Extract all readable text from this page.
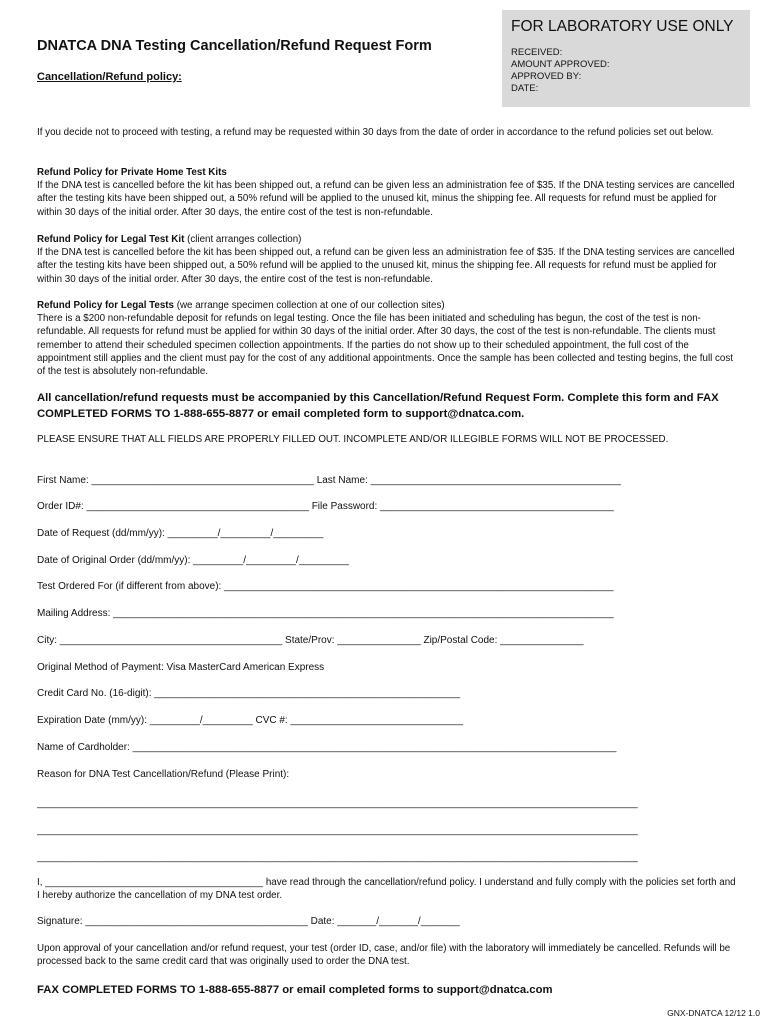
FOR LABORATORY USE ONLY
RECEIVED:
AMOUNT APPROVED:
APPROVED BY:
DATE:
DNATCA DNA Testing Cancellation/Refund Request Form
Cancellation/Refund policy:
If you decide not to proceed with testing, a refund may be requested within 30 days from the date of order in accordance to the refund policies set out below.
Refund Policy for Private Home Test Kits
If the DNA test is cancelled before the kit has been shipped out, a refund can be given less an administration fee of $35. If the DNA testing services are cancelled after the testing kits have been shipped out, a 50% refund will be applied to the unused kit, minus the shipping fee. All requests for refund must be applied for within 30 days of the initial order. After 30 days, the entire cost of the test is non-refundable.
Refund Policy for Legal Test Kit (client arranges collection)
If the DNA test is cancelled before the kit has been shipped out, a refund can be given less an administration fee of $35. If the DNA testing services are cancelled after the testing kits have been shipped out, a 50% refund will be applied to the unused kit, minus the shipping fee. All requests for refund must be applied for within 30 days of the initial order. After 30 days, the entire cost of the test is non-refundable.
Refund Policy for Legal Tests (we arrange specimen collection at one of our collection sites)
There is a $200 non-refundable deposit for refunds on legal testing. Once the file has been initiated and scheduling has begun, the cost of the test is non-refundable. All requests for refund must be applied for within 30 days of the initial order. After 30 days, the cost of the test is non-refundable. The clients must remember to attend their scheduled specimen collection appointments. If the parties do not show up to their scheduled appointment, the full cost of the appointment still applies and the client must pay for the cost of any additional appointments. Once the sample has been collected and testing begins, the full cost of the test is absolutely non-refundable.
All cancellation/refund requests must be accompanied by this Cancellation/Refund Request Form. Complete this form and FAX COMPLETED FORMS TO 1-888-655-8877 or email completed form to support@dnatca.com.
PLEASE ENSURE THAT ALL FIELDS ARE PROPERLY FILLED OUT. INCOMPLETE AND/OR ILLEGIBLE FORMS WILL NOT BE PROCESSED.
First Name: ________________________________________ Last Name: _____________________________________________
Order ID#: ________________________________________ File Password: __________________________________________
Date of Request (dd/mm/yy): _________/_________/_________
Date of Original Order (dd/mm/yy): _________/_________/_________
Test Ordered For (if different from above): ______________________________________________________________________
Mailing Address: __________________________________________________________________________________________
City: ________________________________________ State/Prov: _______________ Zip/Postal Code: _______________
Original Method of Payment: Visa MasterCard American Express
Credit Card No. (16-digit): _______________________________________________________
Expiration Date (mm/yy): _________/_________ CVC #: _______________________________
Name of Cardholder: _______________________________________________________________________________________
Reason for DNA Test Cancellation/Refund (Please Print):
____________________________________________________________________________________________________________
____________________________________________________________________________________________________________
____________________________________________________________________________________________________________
I, ________________________________________ have read through the cancellation/refund policy. I understand and fully comply with the policies set forth and I hereby authorize the cancellation of my DNA test order.
Signature: ________________________________________ Date: _______/_______/_______
Upon approval of your cancellation and/or refund request, your test (order ID, case, and/or file) with the laboratory will immediately be cancelled. Refunds will be processed back to the same credit card that was originally used to order the DNA test.
FAX COMPLETED FORMS TO 1-888-655-8877 or email completed forms to support@dnatca.com
GNX-DNATCA 12/12 1.0
